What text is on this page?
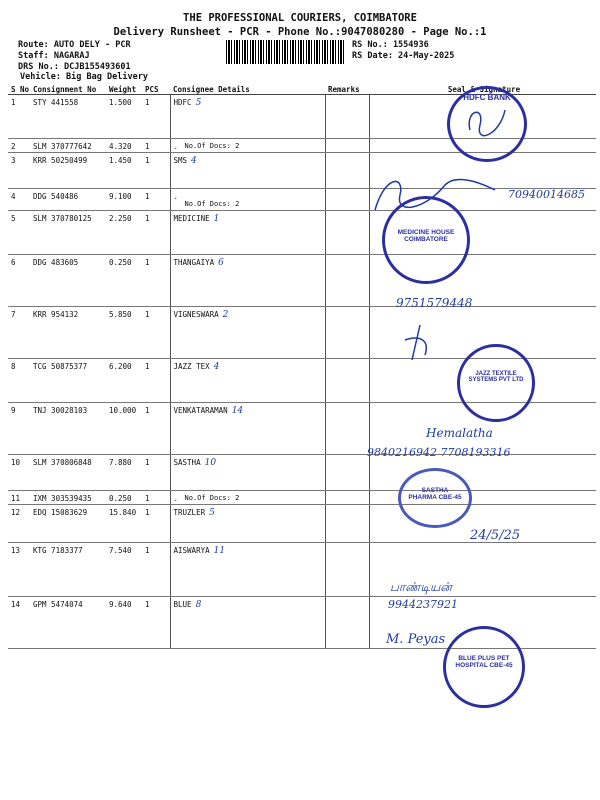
THE PROFESSIONAL COURIERS, COIMBATORE
Delivery Runsheet - PCR - Phone No.:9047080280 - Page No.:1
Route: AUTO DELY - PCR
Staff: NAGARAJ
DRS No.: DCJB155493601
Vehicle: Big Bag Delivery
RS No.: 1554936
RS Date: 24-May-2025
S No	Consignment No	Weight	PCS	Consignee Details	Remarks	Seal & Signature
1	STY 441558	1.500	1	HDFC 5

2	SLM 370777642	4.320	1	. No.Of Docs: 2		

3	KRR 50250499	1.450	1	SMS 4

4	DDG 540486	9.100	1	.
No.Of Docs: 2		

5	SLM 370780125	2.250	1	MEDICINE 1

6	DDG 483605	0.250	1	THANGAIYA 6

7	KRR 954132	5.850	1	VIGNESWARA 2

8	TCG 50875377	6.200	1	JAZZ TEX 4

9	TNJ 30028103	10.000	1	VENKATARAMAN 14

10	SLM 370806848	7.880	1	SASTHA 10

11	IXM 303539435	0.250	1	. No.Of Docs: 2		

12	EDQ 15083629	15.840	1	TRUZLER 5

13	KTG 7183377	7.540	1	AISWARYA 11

14	GPM 5474074	9.640	1	BLUE 8

HDFC BANK
70940014685
MEDICINE HOUSE COIMBATORE
9751579448
JAZZ TEXTILE SYSTEMS PVT LTD
Hemalatha
9840216942 7708193316
SASTHA PHARMA CBE-45
24/5/25
பாண்டியன்
9944237921
M. Peyas
BLUE PLUS PET HOSPITAL CBE-45
